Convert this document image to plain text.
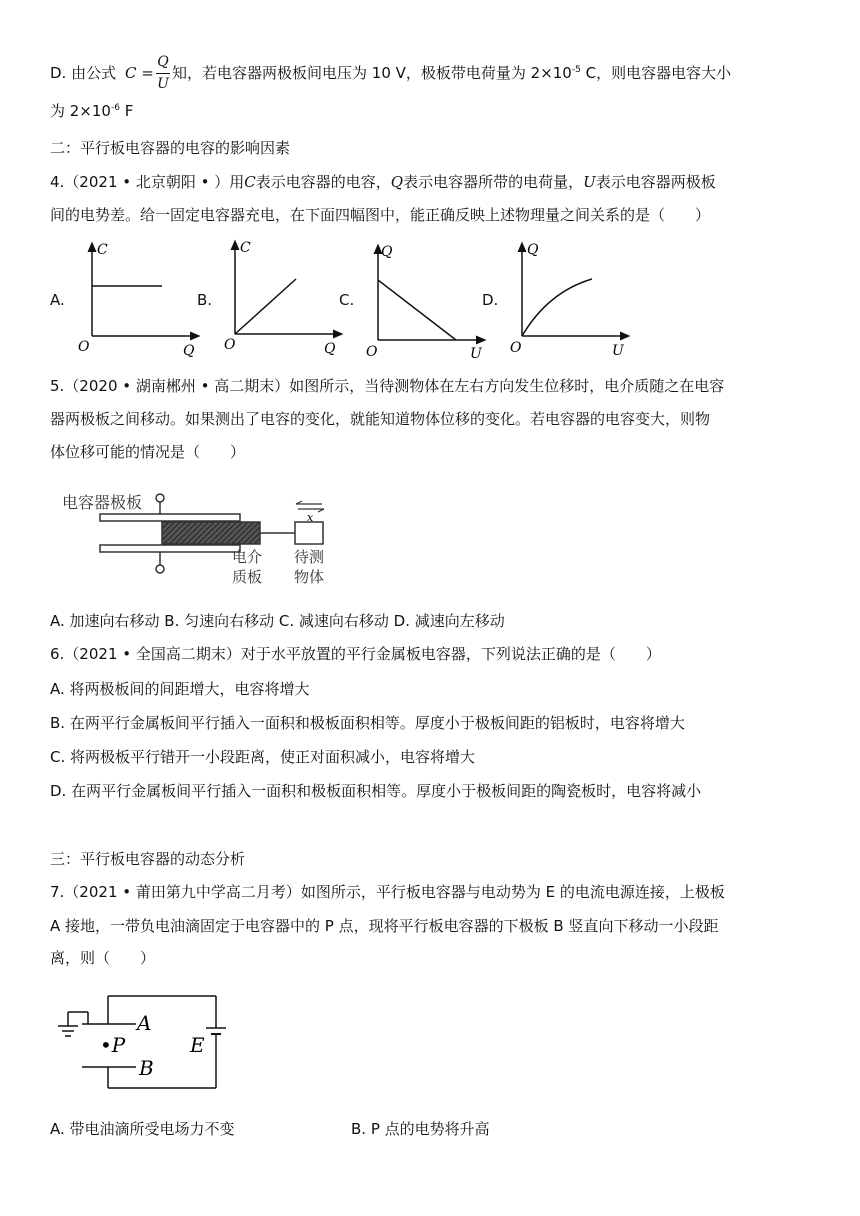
D. 由公式 C =
Q
U
知，若电容器两极板间电压为 10 V，极板带电荷量为 $2\times 10^{-5}$ C，则电容器电容大小
为 $2\times 10^{-6}$ F
二：平行板电容器的电容的影响因素
4.（2021 • 北京朝阳 • ）用C表示电容器的电容，Q表示电容器所带的电荷量，U表示电容器两极板
间的电势差。给一固定电容器充电，在下面四幅图中，能正确反映上述物理量之间关系的是（　　）
A.	B.	C.	D.
C
Q
O
C
Q
O
Q
U
O
Q
U
O
5.（2020 • 湖南郴州 • 高二期末）如图所示，当待测物体在左右方向发生位移时，电介质随之在电容
器两极板之间移动。如果测出了电容的变化，就能知道物体位移的变化。若电容器的电容变大，则物
体位移可能的情况是（　　）
x
电容器极板
电介
质板
待测
物体
A. 加速向右移动 B. 匀速向右移动 C. 减速向右移动 D. 减速向左移动
6.（2021 • 全国高二期末）对于水平放置的平行金属板电容器，下列说法正确的是（　　）
A. 将两极板间的间距增大，电容将增大
B. 在两平行金属板间平行插入一面积和极板面积相等。厚度小于极板间距的铝板时，电容将增大
C. 将两极板平行错开一小段距离，使正对面积减小，电容将增大
D. 在两平行金属板间平行插入一面积和极板面积相等。厚度小于极板间距的陶瓷板时，电容将减小
三：平行板电容器的动态分析
7.（2021 • 莆田第九中学高二月考）如图所示，平行板电容器与电动势为 E 的电流电源连接，上极板
A 接地，一带负电油滴固定于电容器中的 P 点，现将平行板电容器的下极板 B 竖直向下移动一小段距
离，则（　　）
A
B
•P	E
A. 带电油滴所受电场力不变	B. P 点的电势将升高
